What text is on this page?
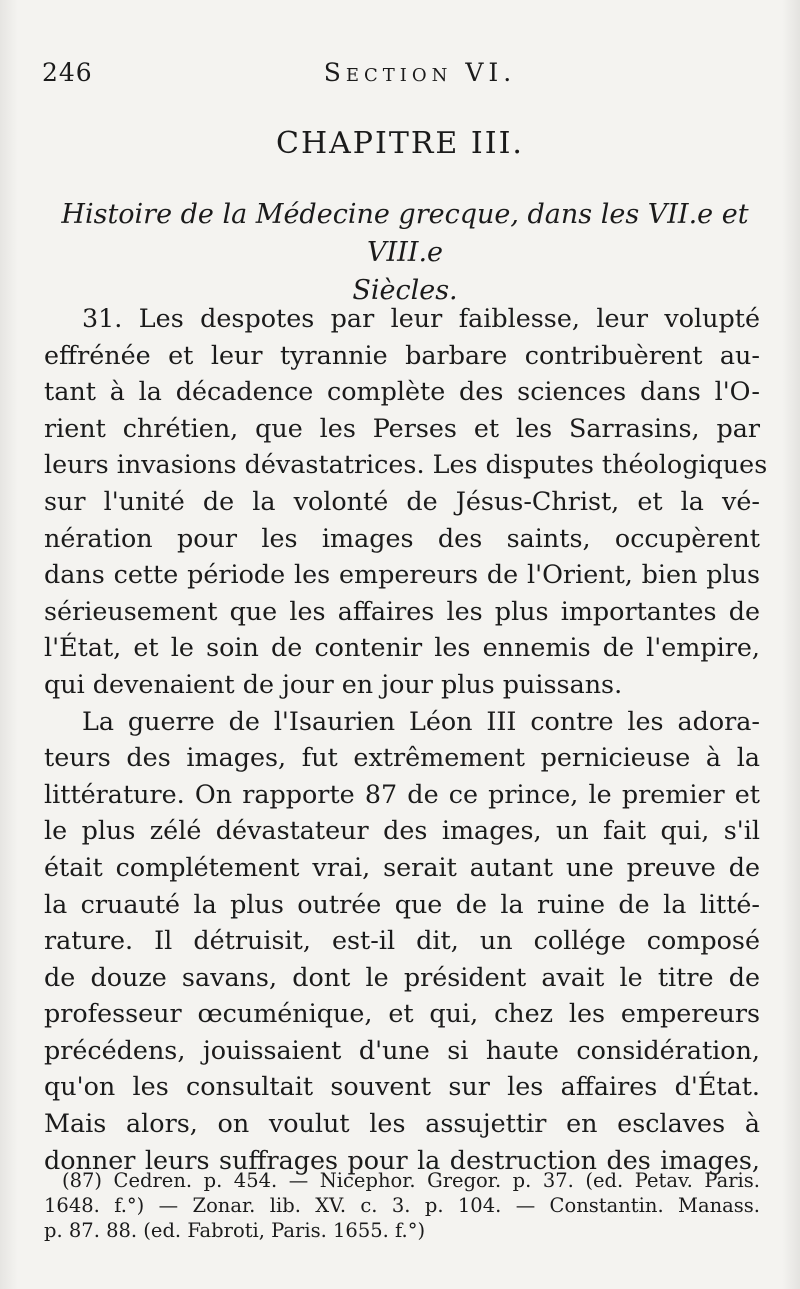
246	Section VI.
CHAPITRE III.
Histoire de la Médecine grecque, dans les VII.e et VIII.e
Siècles.
31. Les despotes par leur faiblesse, leur volupté
effrénée et leur tyrannie barbare contribuèrent au-
tant à la décadence complète des sciences dans l'O-
rient chrétien, que les Perses et les Sarrasins, par
leurs invasions dévastatrices. Les disputes théologiques
sur l'unité de la volonté de Jésus-Christ, et la vé-
nération pour les images des saints, occupèrent
dans cette période les empereurs de l'Orient, bien plus
sérieusement que les affaires les plus importantes de
l'État, et le soin de contenir les ennemis de l'empire,
qui devenaient de jour en jour plus puissans.
La guerre de l'Isaurien Léon III contre les adora-
teurs des images, fut extrêmement pernicieuse à la
littérature. On rapporte 87 de ce prince, le premier et
le plus zélé dévastateur des images, un fait qui, s'il
était complétement vrai, serait autant une preuve de
la cruauté la plus outrée que de la ruine de la litté-
rature. Il détruisit, est-il dit, un collége composé
de douze savans, dont le président avait le titre de
professeur œcuménique, et qui, chez les empereurs
précédens, jouissaient d'une si haute considération,
qu'on les consultait souvent sur les affaires d'État.
Mais alors, on voulut les assujettir en esclaves à
donner leurs suffrages pour la destruction des images,
(87) Cedren. p. 454. — Nicephor. Gregor. p. 37. (ed. Petav. Paris.
1648. f.°) — Zonar. lib. XV. c. 3. p. 104. — Constantin. Manass.
p. 87. 88. (ed. Fabroti, Paris. 1655. f.°)
